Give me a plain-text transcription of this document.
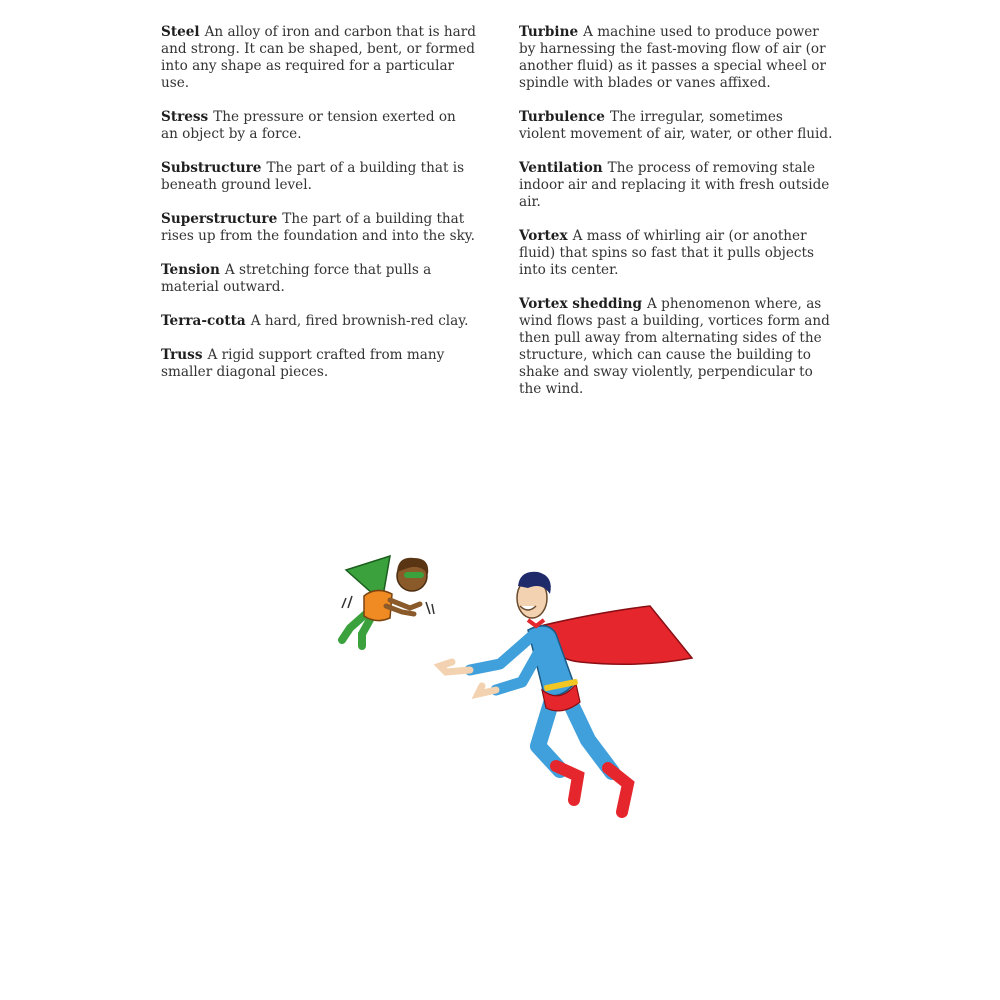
Steel An alloy of iron and carbon that is hard and strong. It can be shaped, bent, or formed into any shape as required for a particular use.

Stress The pressure or tension exerted on an object by a force.

Substructure The part of a building that is beneath ground level.

Superstructure The part of a building that rises up from the foundation and into the sky.

Tension A stretching force that pulls a material outward.

Terra-cotta A hard, fired brownish-red clay.

Truss A rigid support crafted from many smaller diagonal pieces.

Turbine A machine used to produce power by harnessing the fast-moving flow of air (or another fluid) as it passes a special wheel or spindle with blades or vanes affixed.

Turbulence The irregular, sometimes violent movement of air, water, or other fluid.

Ventilation The process of removing stale indoor air and replacing it with fresh outside air.

Vortex A mass of whirling air (or another fluid) that spins so fast that it pulls objects into its center.

Vortex shedding A phenomenon where, as wind flows past a building, vortices form and then pull away from alternating sides of the structure, which can cause the building to shake and sway violently, perpendicular to the wind.
